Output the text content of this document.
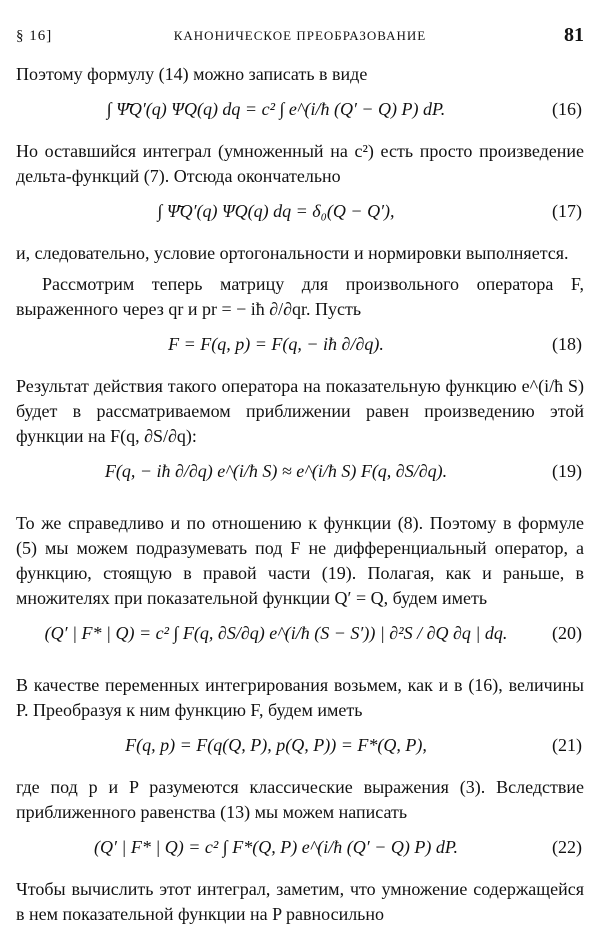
§ 16]	КАНОНИЧЕСКОЕ ПРЕОБРАЗОВАНИЕ	81

Поэтому формулу (14) можно записать в виде

∫ Ψ̄Q′(q) ΨQ(q) dq = c² ∫ e^(i/ħ (Q′ − Q) P) dP.	(16)

Но оставшийся интеграл (умноженный на c²) есть просто произведение дельта-функций (7). Отсюда окончательно

∫ Ψ̄Q′(q) ΨQ(q) dq = δ₀(Q − Q′),	(17)

и, следовательно, условие ортогональности и нормировки выполняется.

Рассмотрим теперь матрицу для произвольного оператора F, выраженного через qr и pr = − iħ ∂/∂qr. Пусть

F = F(q, p) = F(q, − iħ ∂/∂q).	(18)

Результат действия такого оператора на показательную функцию e^(i/ħ S) будет в рассматриваемом приближении равен произведению этой функции на F(q, ∂S/∂q):

F(q, − iħ ∂/∂q) e^(i/ħ S) ≈ e^(i/ħ S) F(q, ∂S/∂q).	(19)

То же справедливо и по отношению к функции (8). Поэтому в формуле (5) мы можем подразумевать под F не дифференциальный оператор, а функцию, стоящую в правой части (19). Полагая, как и раньше, в множителях при показательной функции Q′ = Q, будем иметь

(Q′ | F* | Q) = c² ∫ F(q, ∂S/∂q) e^(i/ħ (S − S′)) | ∂²S / ∂Q ∂q | dq.	(20)

В качестве переменных интегрирования возьмем, как и в (16), величины P. Преобразуя к ним функцию F, будем иметь

F(q, p) = F(q(Q, P), p(Q, P)) = F*(Q, P),	(21)

где под p и P разумеются классические выражения (3). Вследствие приближенного равенства (13) мы можем написать

(Q′ | F* | Q) = c² ∫ F*(Q, P) e^(i/ħ (Q′ − Q) P) dP.	(22)

Чтобы вычислить этот интеграл, заметим, что умножение содержащейся в нем показательной функции на P равносильно
